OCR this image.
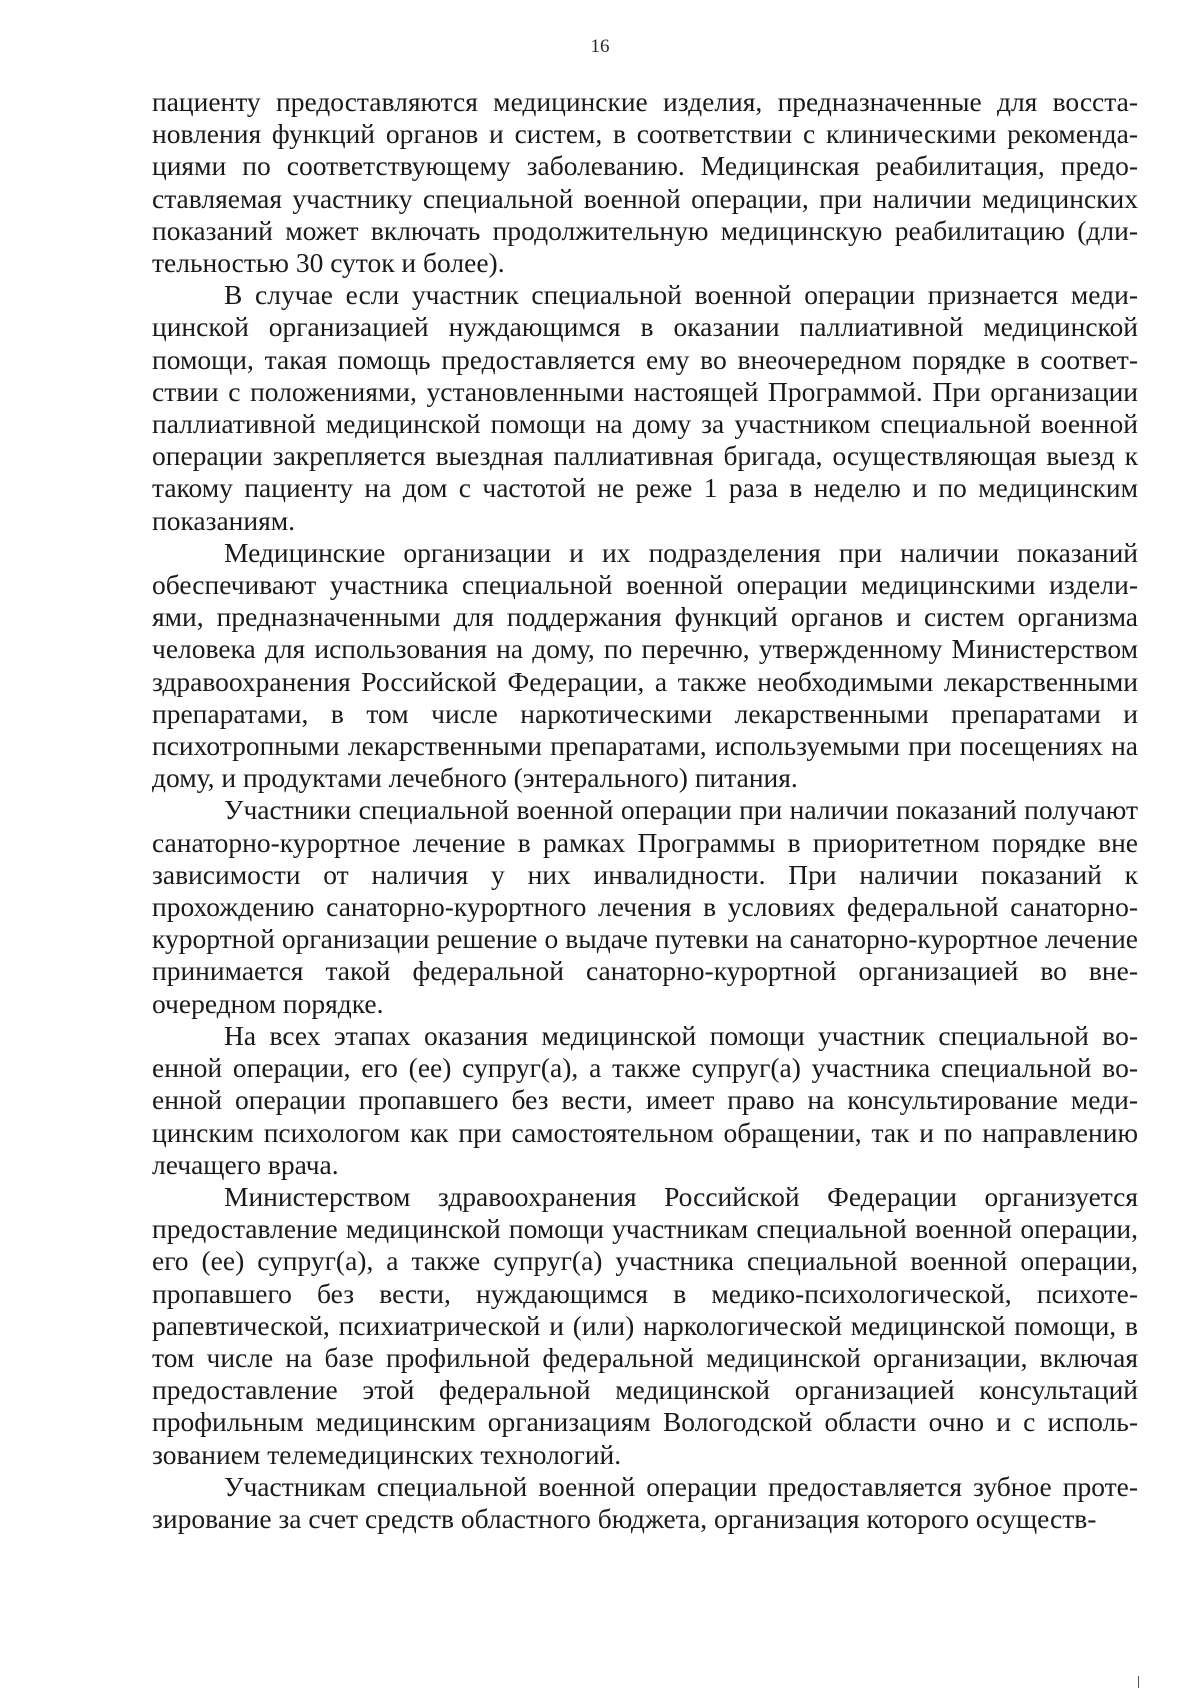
16

пациенту предоставляются медицинские изделия, предназначенные для восстановления функций органов и систем, в соответствии с клиническими рекомендациями по соответствующему заболеванию. Медицинская реабилитация, предоставляемая участнику специальной военной операции, при наличии медицинских показаний может включать продолжительную медицинскую реабилитацию (длительностью 30 суток и более).

В случае если участник специальной военной операции признается медицинской организацией нуждающимся в оказании паллиативной медицинской помощи, такая помощь предоставляется ему во внеочередном порядке в соответствии с положениями, установленными настоящей Программой. При организации паллиативной медицинской помощи на дому за участником специальной военной операции закрепляется выездная паллиативная бригада, осуществляющая выезд к такому пациенту на дом с частотой не реже 1 раза в неделю и по медицинским показаниям.

Медицинские организации и их подразделения при наличии показаний обеспечивают участника специальной военной операции медицинскими изделиями, предназначенными для поддержания функций органов и систем организма человека для использования на дому, по перечню, утвержденному Министерством здравоохранения Российской Федерации, а также необходимыми лекарственными препаратами, в том числе наркотическими лекарственными препаратами и психотропными лекарственными препаратами, используемыми при посещениях на дому, и продуктами лечебного (энтерального) питания.

Участники специальной военной операции при наличии показаний получают санаторно-курортное лечение в рамках Программы в приоритетном порядке вне зависимости от наличия у них инвалидности. При наличии показаний к прохождению санаторно-курортного лечения в условиях федеральной санаторно-курортной организации решение о выдаче путевки на санаторно-курортное лечение принимается такой федеральной санаторно-курортной организацией во внеочередном порядке.

На всех этапах оказания медицинской помощи участник специальной военной операции, его (ее) супруг(а), а также супруг(а) участника специальной военной операции пропавшего без вести, имеет право на консультирование медицинским психологом как при самостоятельном обращении, так и по направлению лечащего врача.

Министерством здравоохранения Российской Федерации организуется предоставление медицинской помощи участникам специальной военной операции, его (ее) супруг(а), а также супруг(а) участника специальной военной операции, пропавшего без вести, нуждающимся в медико-психологической, психотерапевтической, психиатрической и (или) наркологической медицинской помощи, в том числе на базе профильной федеральной медицинской организации, включая предоставление этой федеральной медицинской организацией консультаций профильным медицинским организациям Вологодской области очно и с использованием телемедицинских технологий.

Участникам специальной военной операции предоставляется зубное протезирование за счет средств областного бюджета, организация которого осуществ-
